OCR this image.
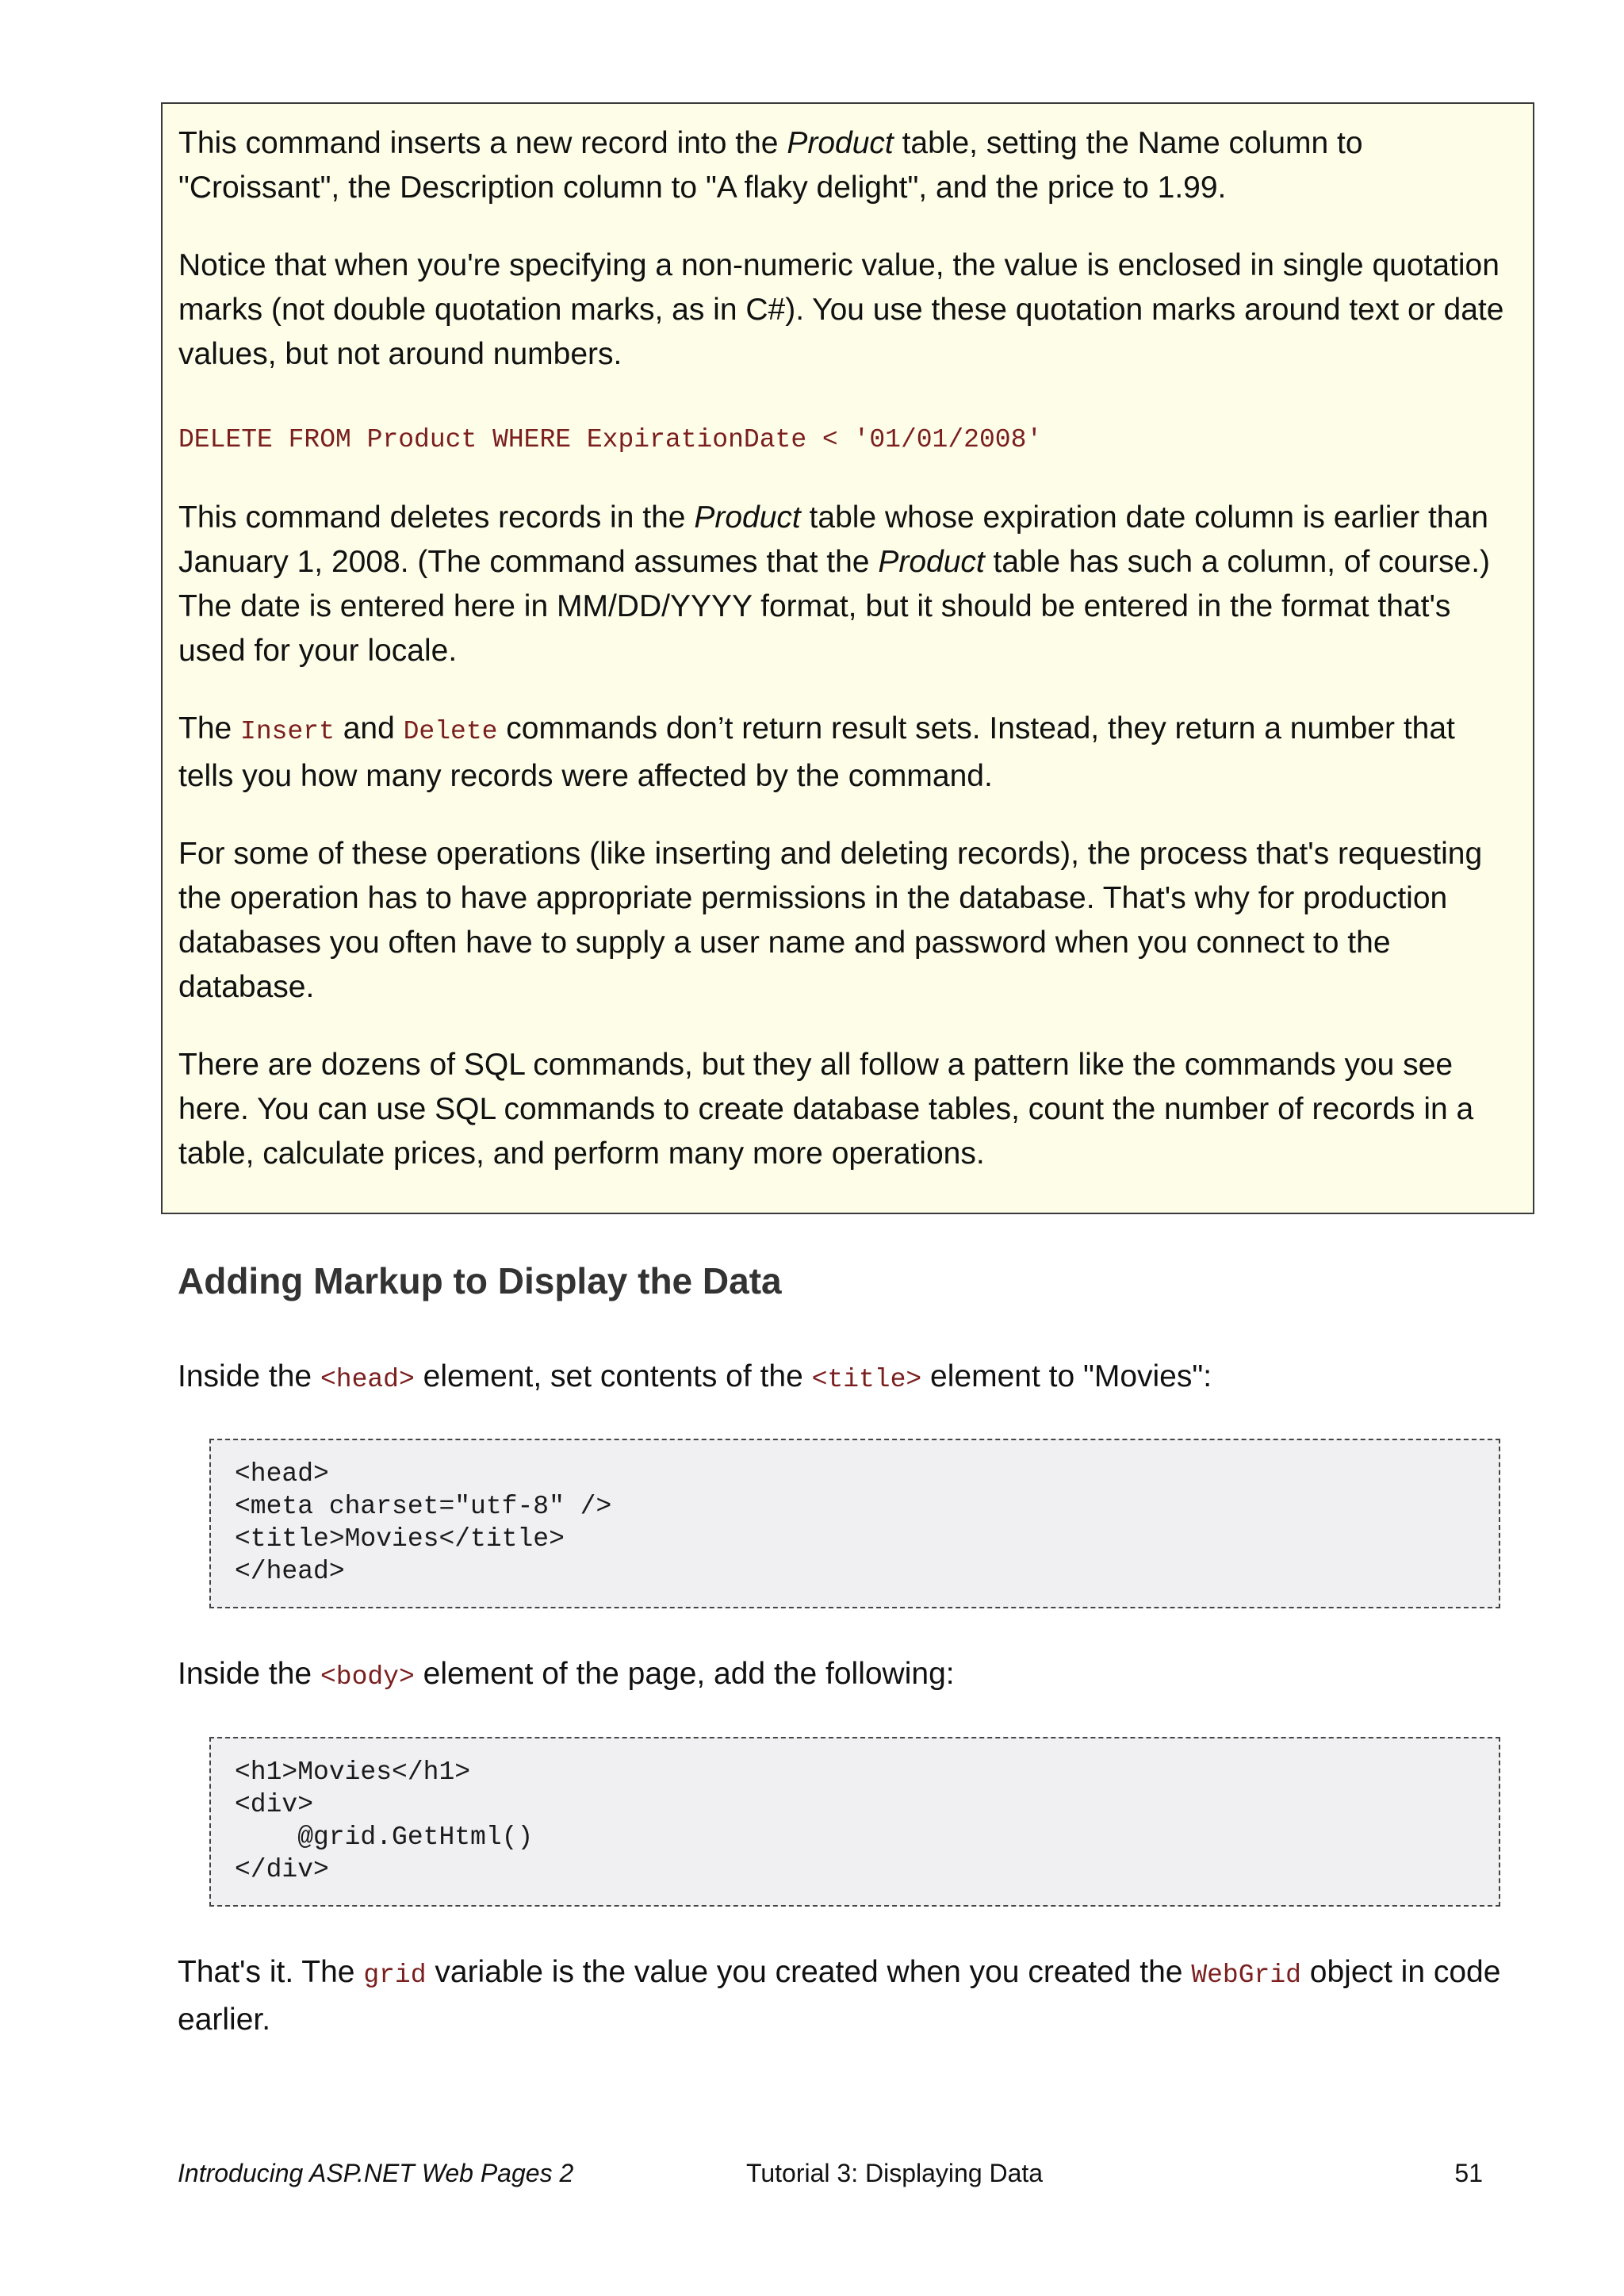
This command inserts a new record into the Product table, setting the Name column to "Croissant", the Description column to "A flaky delight", and the price to 1.99.

Notice that when you're specifying a non-numeric value, the value is enclosed in single quotation marks (not double quotation marks, as in C#). You use these quotation marks around text or date values, but not around numbers.

DELETE FROM Product WHERE ExpirationDate < '01/01/2008'

This command deletes records in the Product table whose expiration date column is earlier than January 1, 2008. (The command assumes that the Product table has such a column, of course.) The date is entered here in MM/DD/YYYY format, but it should be entered in the format that's used for your locale.

The Insert and Delete commands don’t return result sets. Instead, they return a number that tells you how many records were affected by the command.

For some of these operations (like inserting and deleting records), the process that's requesting the operation has to have appropriate permissions in the database. That's why for production databases you often have to supply a user name and password when you connect to the database.

There are dozens of SQL commands, but they all follow a pattern like the commands you see here. You can use SQL commands to create database tables, count the number of records in a table, calculate prices, and perform many more operations.

Adding Markup to Display the Data

Inside the <head> element, set contents of the <title> element to "Movies":

<head>
<meta charset="utf-8" />
<title>Movies</title>
</head>

Inside the <body> element of the page, add the following:

<h1>Movies</h1>
<div>
@grid.GetHtml()
</div>

That's it. The grid variable is the value you created when you created the WebGrid object in code earlier.

Introducing ASP.NET Web Pages 2	Tutorial 3: Displaying Data	51
